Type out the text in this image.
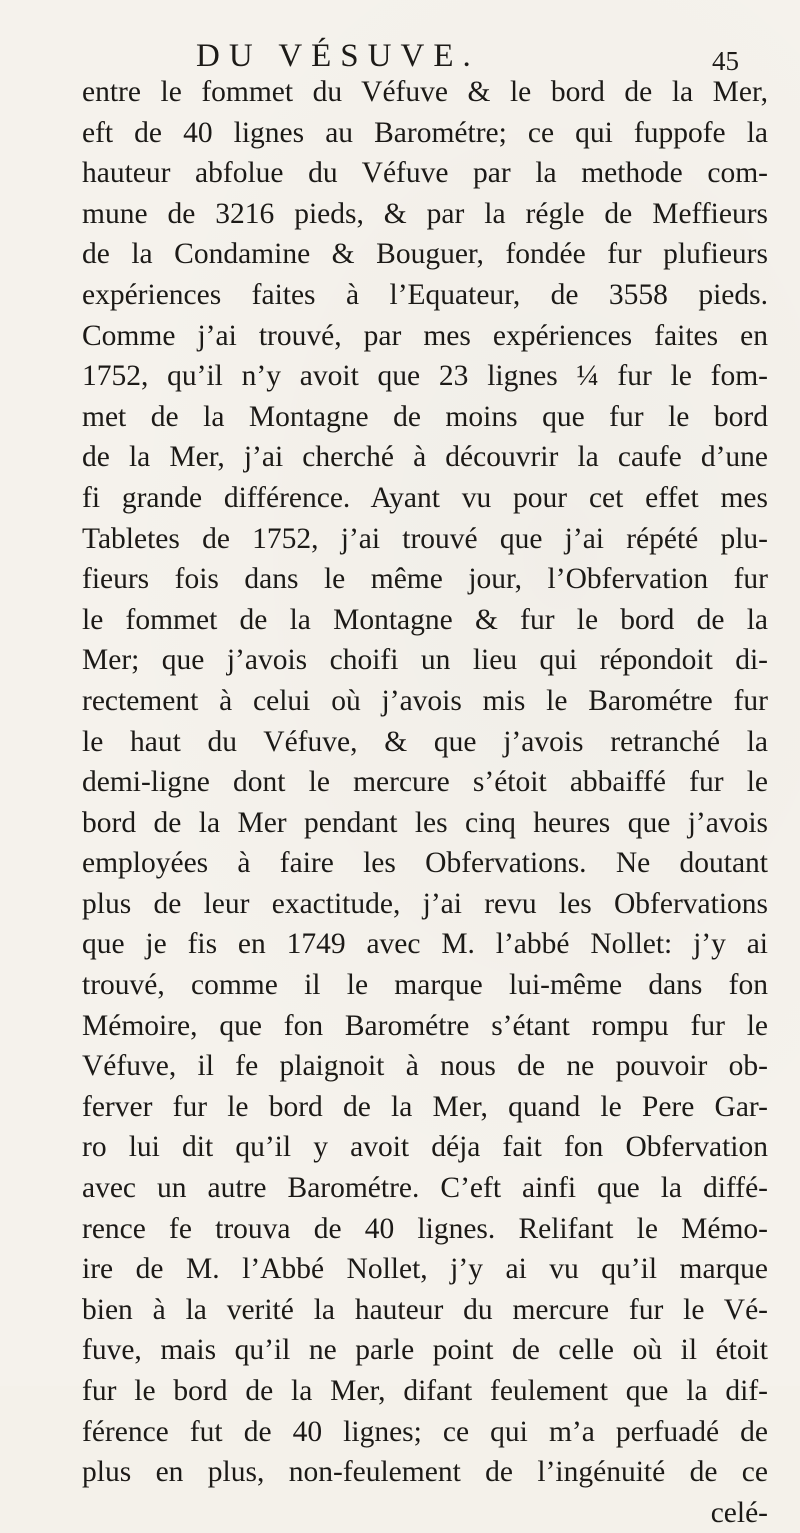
DU VÉSUVE.	45
entre le fommet du Véfuve & le bord de la Mer,
eft de 40 lignes au Barométre; ce qui fuppofe la
hauteur abfolue du Véfuve par la methode com-
mune de 3216 pieds, & par la régle de Meffieurs
de la Condamine & Bouguer, fondée fur plufieurs
expériences faites à l’Equateur, de 3558 pieds.
Comme j’ai trouvé, par mes expériences faites en
1752, qu’il n’y avoit que 23 lignes ¼ fur le fom-
met de la Montagne de moins que fur le bord
de la Mer, j’ai cherché à découvrir la caufe d’une
fi grande différence. Ayant vu pour cet effet mes
Tabletes de 1752, j’ai trouvé que j’ai répété plu-
fieurs fois dans le même jour, l’Obfervation fur
le fommet de la Montagne & fur le bord de la
Mer; que j’avois choifi un lieu qui répondoit di-
rectement à celui où j’avois mis le Barométre fur
le haut du Véfuve, & que j’avois retranché la
demi-ligne dont le mercure s’étoit abbaiffé fur le
bord de la Mer pendant les cinq heures que j’avois
employées à faire les Obfervations. Ne doutant
plus de leur exactitude, j’ai revu les Obfervations
que je fis en 1749 avec M. l’abbé Nollet: j’y ai
trouvé, comme il le marque lui-même dans fon
Mémoire, que fon Barométre s’étant rompu fur le
Véfuve, il fe plaignoit à nous de ne pouvoir ob-
ferver fur le bord de la Mer, quand le Pere Gar-
ro lui dit qu’il y avoit déja fait fon Obfervation
avec un autre Barométre. C’eft ainfi que la diffé-
rence fe trouva de 40 lignes. Relifant le Mémo-
ire de M. l’Abbé Nollet, j’y ai vu qu’il marque
bien à la verité la hauteur du mercure fur le Vé-
fuve, mais qu’il ne parle point de celle où il étoit
fur le bord de la Mer, difant feulement que la dif-
férence fut de 40 lignes; ce qui m’a perfuadé de
plus en plus, non-feulement de l’ingénuité de ce
celé-
